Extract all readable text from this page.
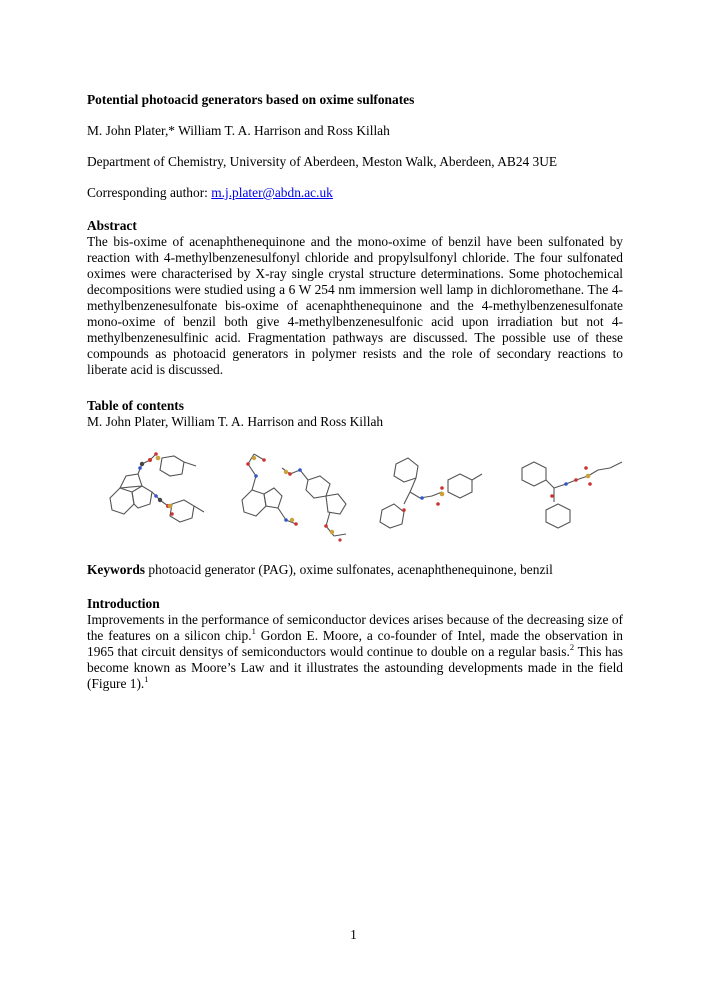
Potential photoacid generators based on oxime sulfonates
M. John Plater,* William T. A. Harrison and Ross Killah
Department of Chemistry, University of Aberdeen, Meston Walk, Aberdeen, AB24 3UE
Corresponding author: m.j.plater@abdn.ac.uk
Abstract
The bis-oxime of acenaphthenequinone and the mono-oxime of benzil have been sulfonated by reaction with 4-methylbenzenesulfonyl chloride and propylsulfonyl chloride. The four sulfonated oximes were characterised by X-ray single crystal structure determinations. Some photochemical decompositions were studied using a 6 W 254 nm immersion well lamp in dichloromethane. The 4-methylbenzenesulfonate bis-oxime of acenaphthenequinone and the 4-methylbenzenesulfonate mono-oxime of benzil both give 4-methylbenzenesulfonic acid upon irradiation but not 4-methylbenzenesulfinic acid. Fragmentation pathways are discussed. The possible use of these compounds as photoacid generators in polymer resists and the role of secondary reactions to liberate acid is discussed.
Table of contents
M. John Plater, William T. A. Harrison and Ross Killah
Keywords photoacid generator (PAG), oxime sulfonates, acenaphthenequinone, benzil
Introduction
Improvements in the performance of semiconductor devices arises because of the decreasing size of the features on a silicon chip.$^1$ Gordon E. Moore, a co-founder of Intel, made the observation in 1965 that circuit densitys of semiconductors would continue to double on a regular basis.$^2$ This has become known as Moore’s Law and it illustrates the astounding developments made in the field (Figure 1).$^1$
1
